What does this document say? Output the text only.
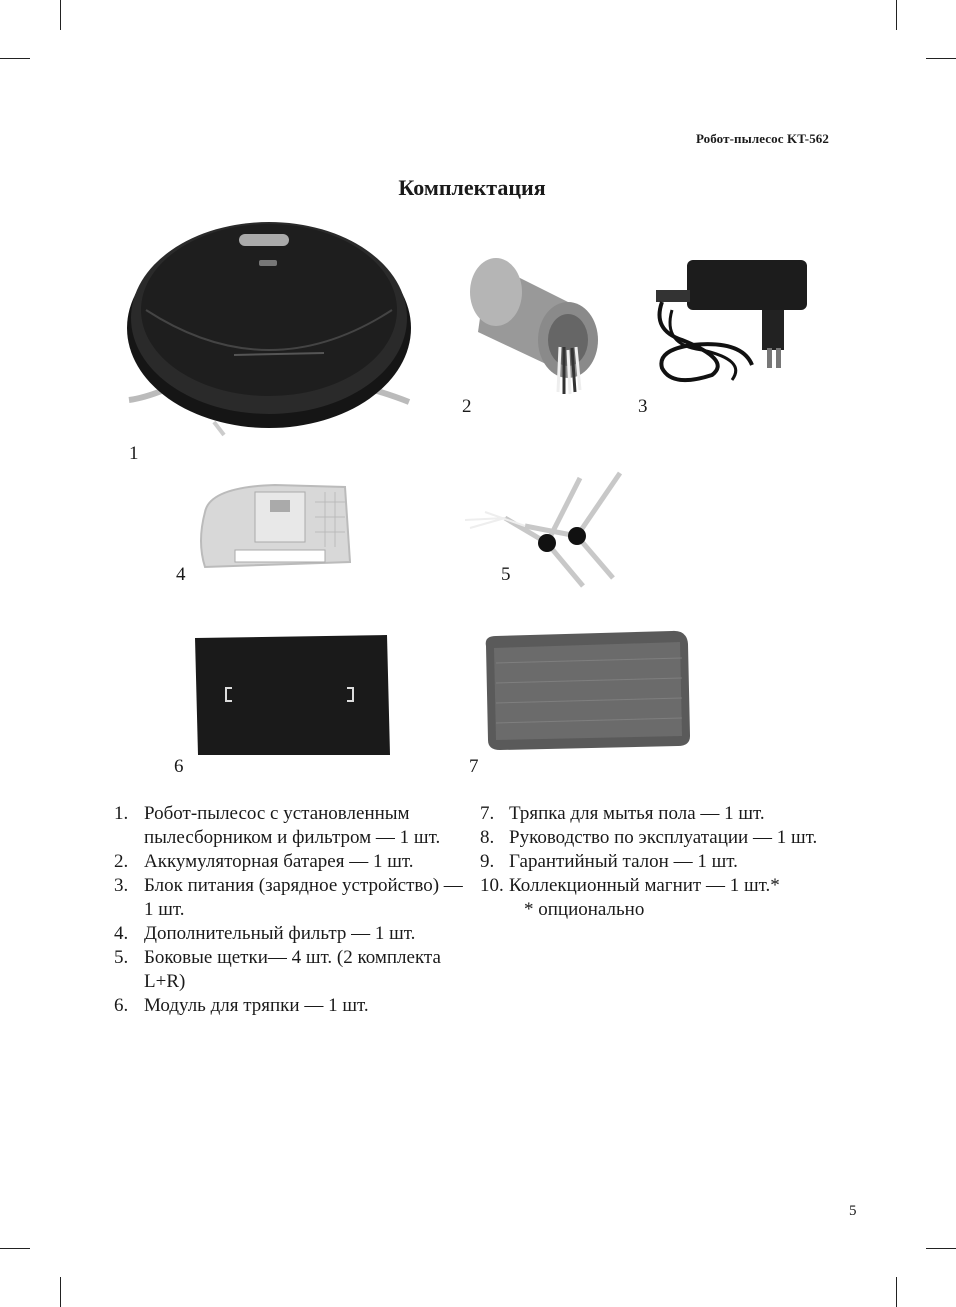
Робот-пылесос KT-562
Комплектация
1
2	3
4	5
6	7
1. Робот-пылесос с установленным пылесборником и фильтром — 1 шт.
2. Аккумуляторная батарея — 1 шт.
3. Блок питания (зарядное устройство) — 1 шт.
4. Дополнительный фильтр — 1 шт.
5. Боковые щетки— 4 шт. (2 комплекта L+R)
6. Модуль для тряпки — 1 шт.
7. Тряпка для мытья пола — 1 шт.
8. Руководство по эксплуатации — 1 шт.
9. Гарантийный талон — 1 шт.
10. Коллекционный магнит — 1 шт.*
* опционально
5
